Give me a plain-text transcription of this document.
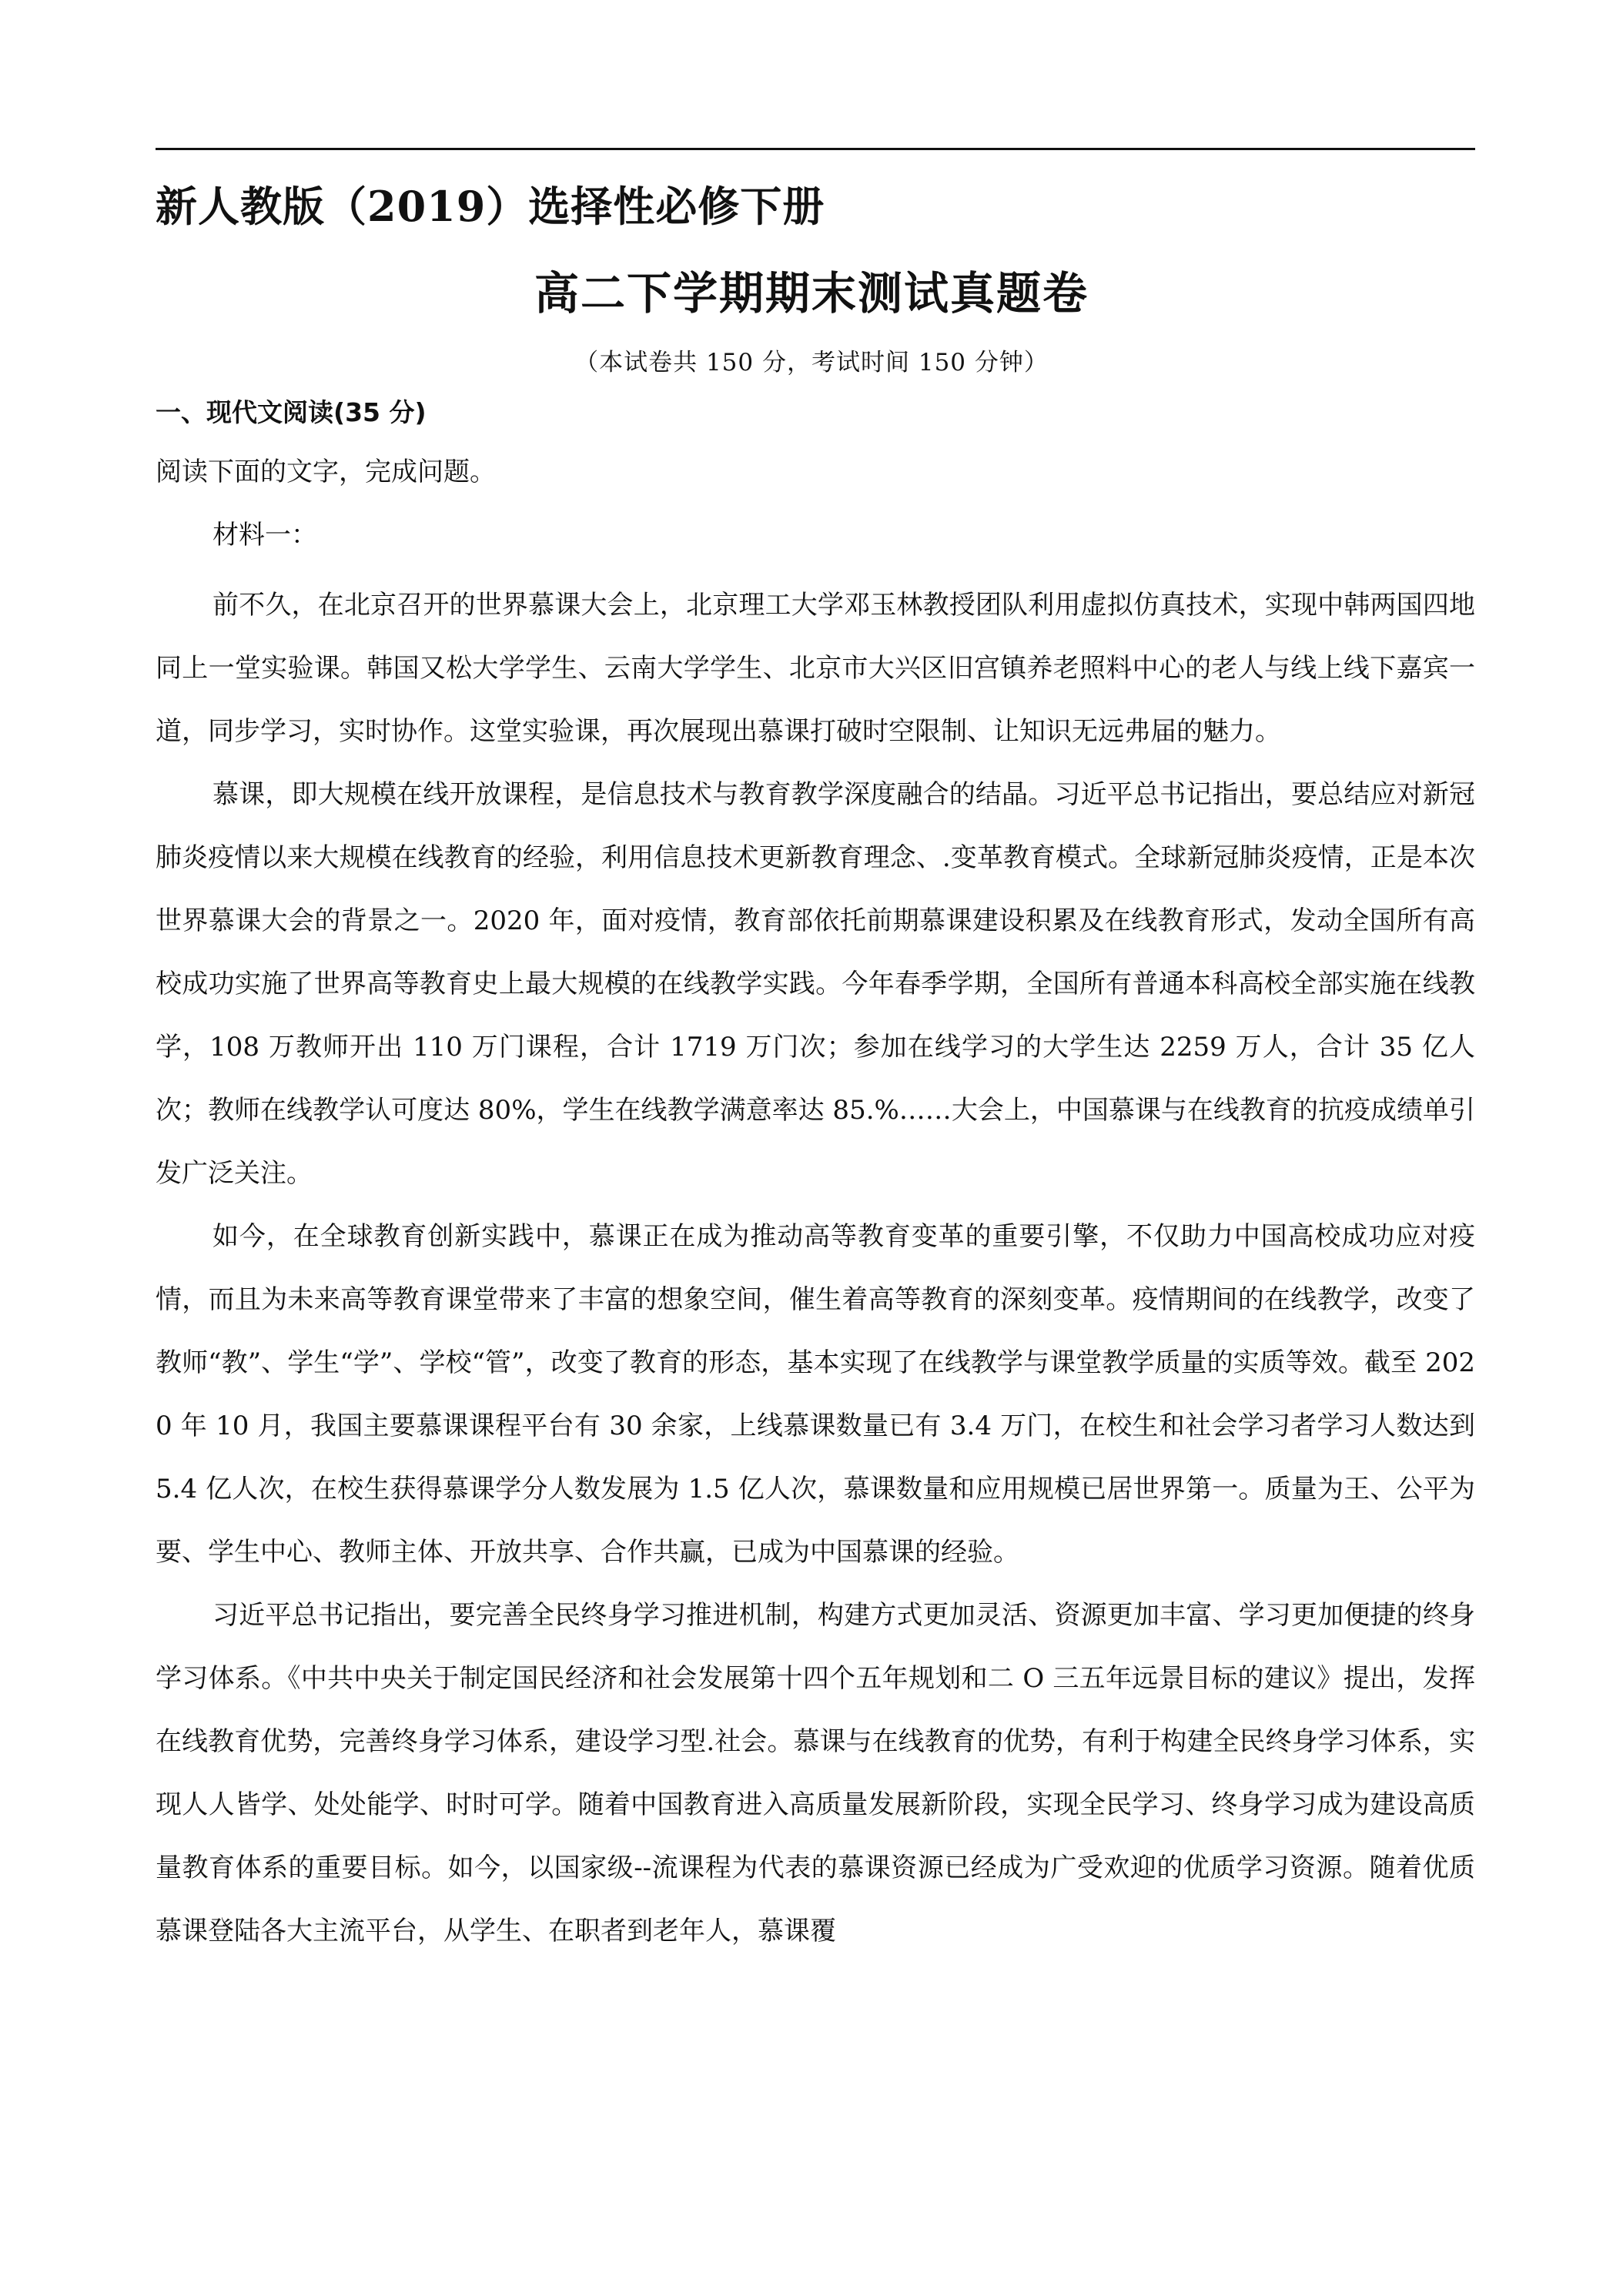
新人教版（2019）选择性必修下册
高二下学期期末测试真题卷
（本试卷共 150 分，考试时间 150 分钟）
一、现代文阅读(35 分)
阅读下面的文字，完成问题。
材料一：

前不久，在北京召开的世界慕课大会上，北京理工大学邓玉林教授团队利用虚拟仿真技术，实现中韩两国四地同上一堂实验课。韩国又松大学学生、云南大学学生、北京市大兴区旧宫镇养老照料中心的老人与线上线下嘉宾一道，同步学习，实时协作。这堂实验课，再次展现出慕课打破时空限制、让知识无远弗届的魅力。

慕课，即大规模在线开放课程，是信息技术与教育教学深度融合的结晶。习近平总书记指出，要总结应对新冠肺炎疫情以来大规模在线教育的经验，利用信息技术更新教育理念、.变革教育模式。全球新冠肺炎疫情，正是本次世界慕课大会的背景之一。2020 年，面对疫情，教育部依托前期慕课建设积累及在线教育形式，发动全国所有高校成功实施了世界高等教育史上最大规模的在线教学实践。今年春季学期，全国所有普通本科高校全部实施在线教学，108 万教师开出 110 万门课程，合计 1719 万门次；参加在线学习的大学生达 2259 万人，合计 35 亿人次；教师在线教学认可度达 80%，学生在线教学满意率达 85.%……大会上，中国慕课与在线教育的抗疫成绩单引发广泛关注。

如今，在全球教育创新实践中，慕课正在成为推动高等教育变革的重要引擎，不仅助力中国高校成功应对疫情，而且为未来高等教育课堂带来了丰富的想象空间，催生着高等教育的深刻变革。疫情期间的在线教学，改变了教师“教”、学生“学”、学校“管”，改变了教育的形态，基本实现了在线教学与课堂教学质量的实质等效。截至 2020 年 10 月，我国主要慕课课程平台有 30 余家，上线慕课数量已有 3.4 万门，在校生和社会学习者学习人数达到 5.4 亿人次，在校生获得慕课学分人数发展为 1.5 亿人次，慕课数量和应用规模已居世界第一。质量为王、公平为要、学生中心、教师主体、开放共享、合作共赢，已成为中国慕课的经验。

习近平总书记指出，要完善全民终身学习推进机制，构建方式更加灵活、资源更加丰富、学习更加便捷的终身学习体系。《中共中央关于制定国民经济和社会发展第十四个五年规划和二 O 三五年远景目标的建议》提出，发挥在线教育优势，完善终身学习体系，建设学习型.社会。慕课与在线教育的优势，有利于构建全民终身学习体系，实现人人皆学、处处能学、时时可学。随着中国教育进入高质量发展新阶段，实现全民学习、终身学习成为建设高质量教育体系的重要目标。如今，以国家级--流课程为代表的慕课资源已经成为广受欢迎的优质学习资源。随着优质慕课登陆各大主流平台，从学生、在职者到老年人，慕课覆
